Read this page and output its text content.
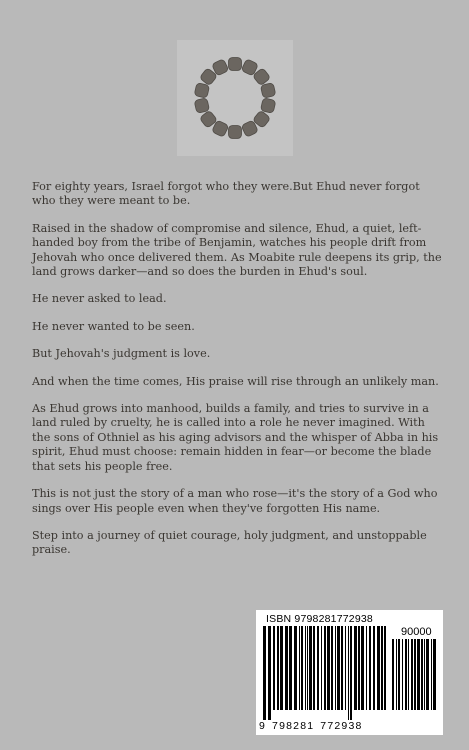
For eighty years, Israel forgot who they were.But Ehud never forgot who they were meant to be.

Raised in the shadow of compromise and silence, Ehud, a quiet, left-handed boy from the tribe of Benjamin, watches his people drift from Jehovah who once delivered them. As Moabite rule deepens its grip, the land grows darker—and so does the burden in Ehud's soul.

He never asked to lead.

He never wanted to be seen.

But Jehovah's judgment is love.

And when the time comes, His praise will rise through an unlikely man.

As Ehud grows into manhood, builds a family, and tries to survive in a land ruled by cruelty, he is called into a role he never imagined. With the sons of Othniel as his aging advisors and the whisper of Abba in his spirit, Ehud must choose: remain hidden in fear—or become the blade that sets his people free.

This is not just the story of a man who rose—it's the story of a God who sings over His people even when they've forgotten His name.

Step into a journey of quiet courage, holy judgment, and unstoppable praise.

ISBN 9798281772938
90000
9 798281 772938
